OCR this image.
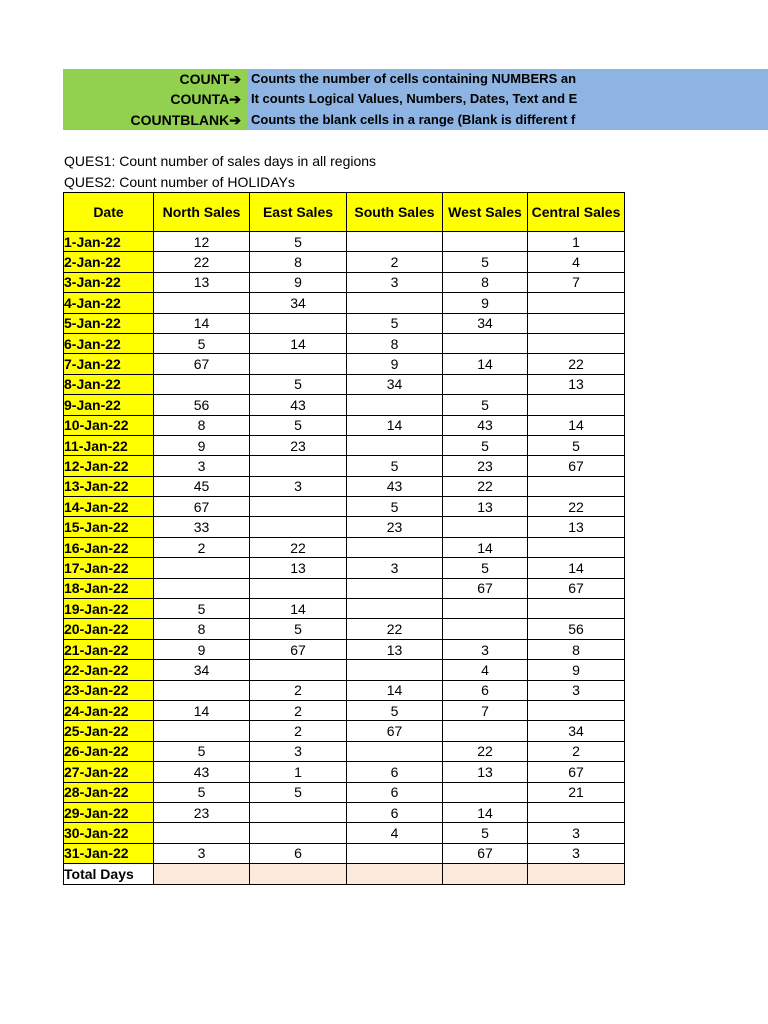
COUNT➔ Counts the number of cells containing NUMBERS an
COUNTA➔ It counts Logical Values, Numbers, Dates, Text and E
COUNTBLANK➔ Counts the blank cells in a range (Blank is different f
QUES1: Count number of sales days in all regions
QUES2: Count number of HOLIDAYs
Date	North Sales	East Sales	South Sales	West Sales	Central Sales
1-Jan-22	12	5			1
2-Jan-22	22	8	2	5	4
3-Jan-22	13	9	3	8	7
4-Jan-22		34		9	
5-Jan-22	14		5	34	
6-Jan-22	5	14	8		
7-Jan-22	67		9	14	22
8-Jan-22		5	34		13
9-Jan-22	56	43		5	
10-Jan-22	8	5	14	43	14
11-Jan-22	9	23		5	5
12-Jan-22	3		5	23	67
13-Jan-22	45	3	43	22	
14-Jan-22	67		5	13	22
15-Jan-22	33		23		13
16-Jan-22	2	22		14	
17-Jan-22		13	3	5	14
18-Jan-22				67	67
19-Jan-22	5	14			
20-Jan-22	8	5	22		56
21-Jan-22	9	67	13	3	8
22-Jan-22	34			4	9
23-Jan-22		2	14	6	3
24-Jan-22	14	2	5	7	
25-Jan-22		2	67		34
26-Jan-22	5	3		22	2
27-Jan-22	43	1	6	13	67
28-Jan-22	5	5	6		21
29-Jan-22	23		6	14	
30-Jan-22			4	5	3
31-Jan-22	3	6		67	3
Total Days					
